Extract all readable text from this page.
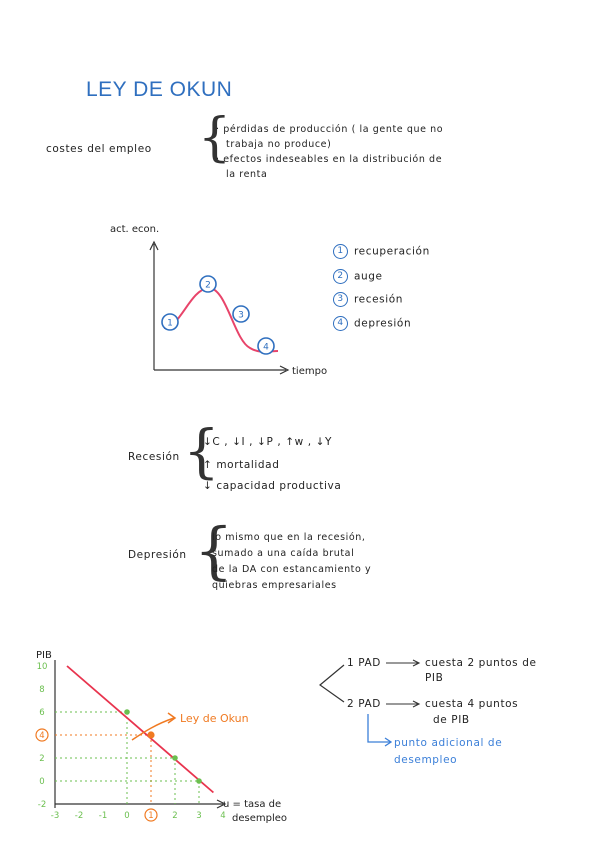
LEY DE OKUN
costes del empleo {
· pérdidas de producción ( la gente que no
trabaja no produce)
· efectos indeseables en la distribución de
la renta
act. econ.
tiempo
1
2
3
4
1 recuperación
2 auge
3 recesión
4 depresión
Recesión {
↓C , ↓I , ↓P , ↑w , ↓Y
↑ mortalidad
↓ capacidad productiva
Depresión {
lo mismo que en la recesión,
sumado a una caída brutal
de la DA con estancamiento y
quiebras empresariales
PIB
10
8
6
4
2
0
-2
-3 -2 -1 0 1 2 3 4
Ley de Okun
u = tasa de
desempleo
1 PAD	cuesta 2 puntos de
PIB
2 PAD	cuesta 4 puntos
de PIB
punto adicional de
desempleo
